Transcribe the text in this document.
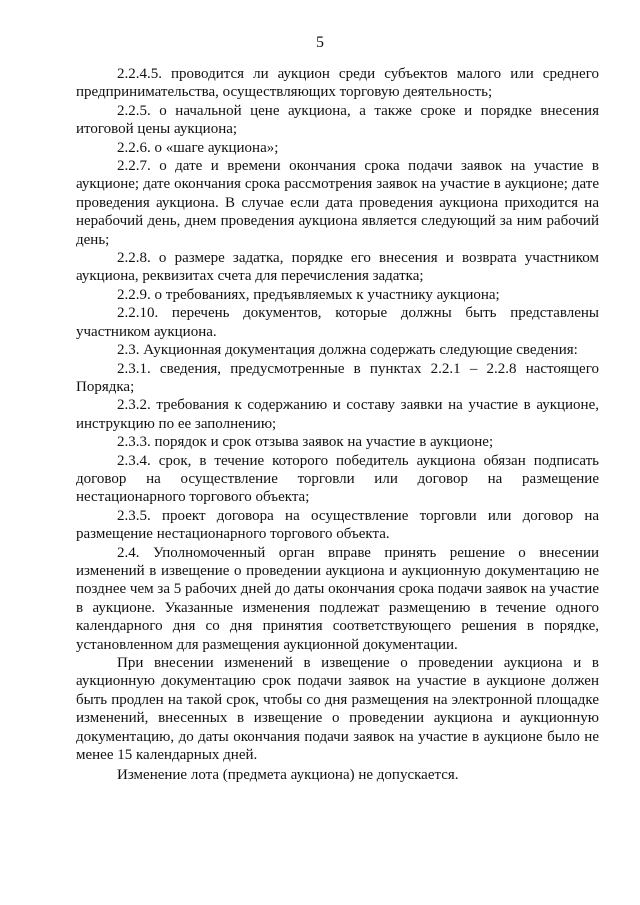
5

2.2.4.5. проводится ли аукцион среди субъектов малого или среднего предпринимательства, осуществляющих торговую деятельность;

2.2.5. о начальной цене аукциона, а также сроке и порядке внесения итоговой цены аукциона;

2.2.6. о «шаге аукциона»;

2.2.7. о дате и времени окончания срока подачи заявок на участие в аукционе; дате окончания срока рассмотрения заявок на участие в аукционе; дате проведения аукциона. В случае если дата проведения аукциона приходится на нерабочий день, днем проведения аукциона является следующий за ним рабочий день;

2.2.8. о размере задатка, порядке его внесения и возврата участником аукциона, реквизитах счета для перечисления задатка;

2.2.9. о требованиях, предъявляемых к участнику аукциона;

2.2.10. перечень документов, которые должны быть представлены участником аукциона.

2.3. Аукционная документация должна содержать следующие сведения:

2.3.1. сведения, предусмотренные в пунктах 2.2.1 – 2.2.8 настоящего Порядка;

2.3.2. требования к содержанию и составу заявки на участие в аукционе, инструкцию по ее заполнению;

2.3.3. порядок и срок отзыва заявок на участие в аукционе;

2.3.4. срок, в течение которого победитель аукциона обязан подписать договор на осуществление торговли или договор на размещение нестационарного торгового объекта;

2.3.5. проект договора на осуществление торговли или договор на размещение нестационарного торгового объекта.

2.4. Уполномоченный орган вправе принять решение о внесении изменений в извещение о проведении аукциона и аукционную документацию не позднее чем за 5 рабочих дней до даты окончания срока подачи заявок на участие в аукционе. Указанные изменения подлежат размещению в течение одного календарного дня со дня принятия соответствующего решения в порядке, установленном для размещения аукционной документации.

При внесении изменений в извещение о проведении аукциона и в аукционную документацию срок подачи заявок на участие в аукционе должен быть продлен на такой срок, чтобы со дня размещения на электронной площадке изменений, внесенных в извещение о проведении аукциона и аукционную документацию, до даты окончания подачи заявок на участие в аукционе было не менее 15 календарных дней.

Изменение лота (предмета аукциона) не допускается.
